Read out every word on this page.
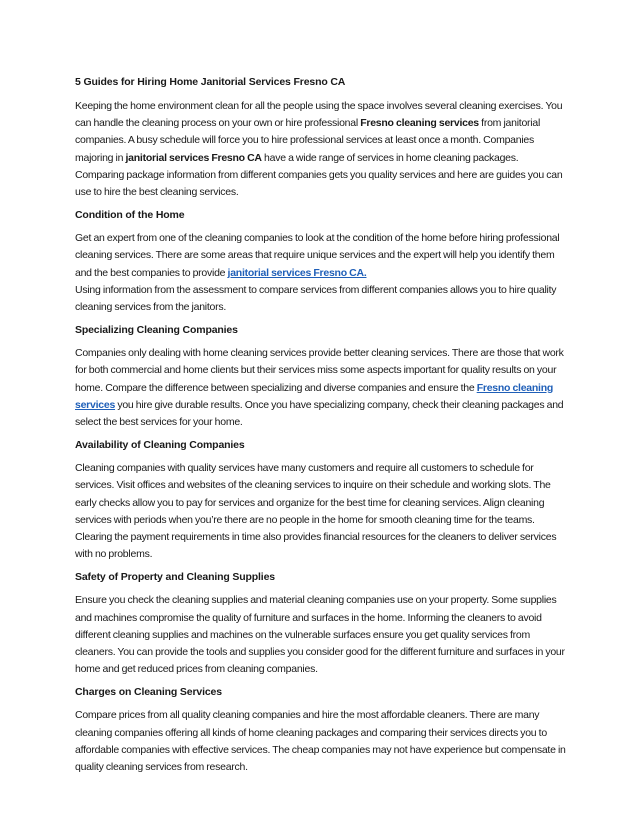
5 Guides for Hiring Home Janitorial Services Fresno CA

Keeping the home environment clean for all the people using the space involves several cleaning exercises. You can handle the cleaning process on your own or hire professional Fresno cleaning services from janitorial companies. A busy schedule will force you to hire professional services at least once a month. Companies majoring in janitorial services Fresno CA have a wide range of services in home cleaning packages. Comparing package information from different companies gets you quality services and here are guides you can use to hire the best cleaning services.

Condition of the Home

Get an expert from one of the cleaning companies to look at the condition of the home before hiring professional cleaning services. There are some areas that require unique services and the expert will help you identify them and the best companies to provide janitorial services Fresno CA.
Using information from the assessment to compare services from different companies allows you to hire quality cleaning services from the janitors.

Specializing Cleaning Companies

Companies only dealing with home cleaning services provide better cleaning services. There are those that work for both commercial and home clients but their services miss some aspects important for quality results on your home. Compare the difference between specializing and diverse companies and ensure the Fresno cleaning services you hire give durable results. Once you have specializing company, check their cleaning packages and select the best services for your home.

Availability of Cleaning Companies

Cleaning companies with quality services have many customers and require all customers to schedule for services. Visit offices and websites of the cleaning services to inquire on their schedule and working slots. The early checks allow you to pay for services and organize for the best time for cleaning services. Align cleaning services with periods when you’re there are no people in the home for smooth cleaning time for the teams. Clearing the payment requirements in time also provides financial resources for the cleaners to deliver services with no problems.

Safety of Property and Cleaning Supplies

Ensure you check the cleaning supplies and material cleaning companies use on your property. Some supplies and machines compromise the quality of furniture and surfaces in the home. Informing the cleaners to avoid different cleaning supplies and machines on the vulnerable surfaces ensure you get quality services from cleaners. You can provide the tools and supplies you consider good for the different furniture and surfaces in your home and get reduced prices from cleaning companies.

Charges on Cleaning Services

Compare prices from all quality cleaning companies and hire the most affordable cleaners. There are many cleaning companies offering all kinds of home cleaning packages and comparing their services directs you to affordable companies with effective services. The cheap companies may not have experience but compensate in quality cleaning services from research.
